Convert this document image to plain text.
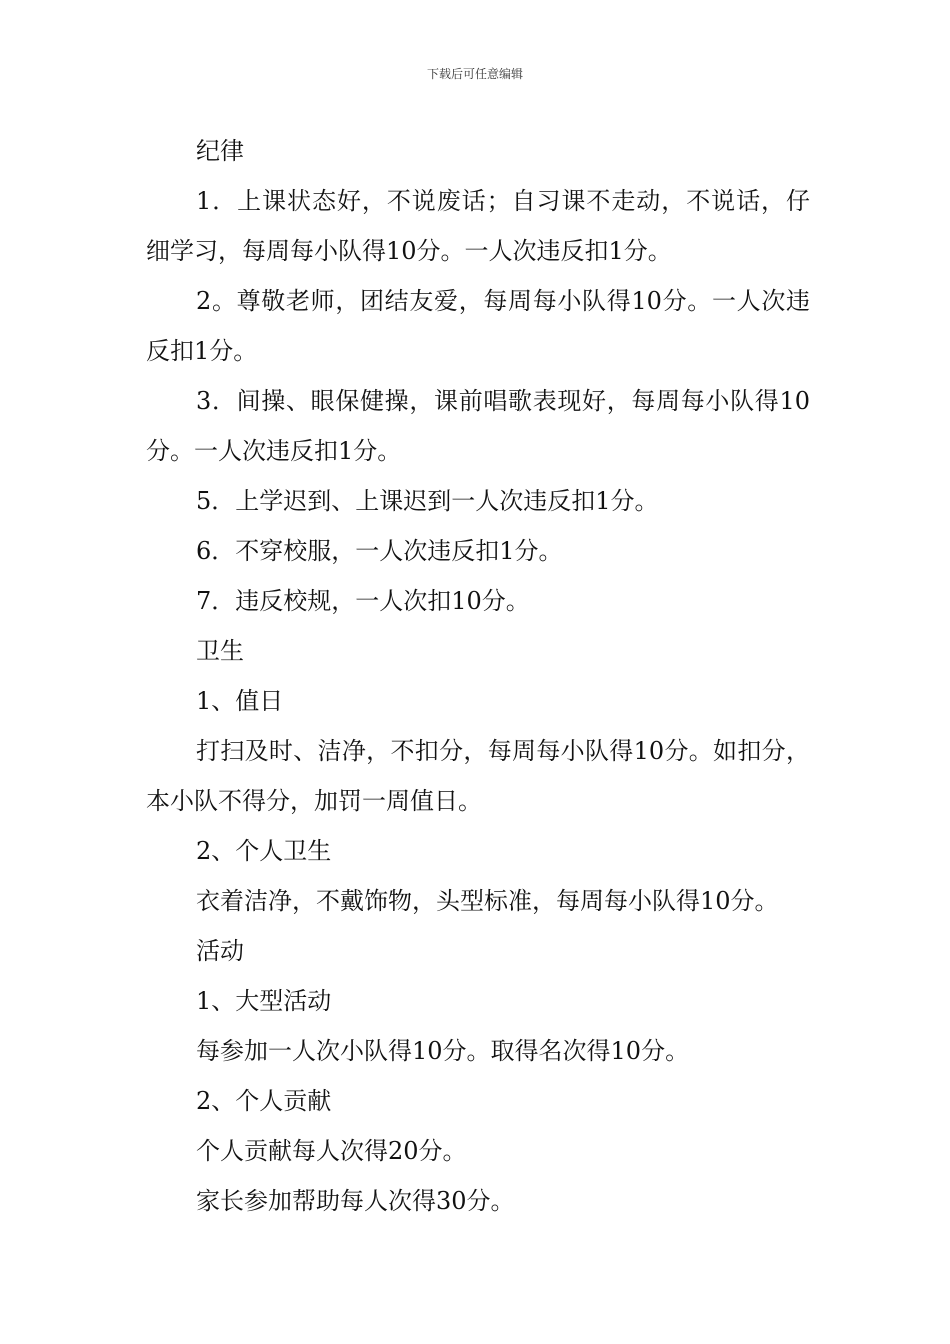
下载后可任意编辑

纪律

1．上课状态好，不说废话；自习课不走动，不说话，仔细学习，每周每小队得10分。一人次违反扣1分。

2。尊敬老师，团结友爱，每周每小队得10分。一人次违反扣1分。

3．间操、眼保健操，课前唱歌表现好，每周每小队得10分。一人次违反扣1分。

5．上学迟到、上课迟到一人次违反扣1分。

6．不穿校服，一人次违反扣1分。

7．违反校规，一人次扣10分。

卫生

1、值日

打扫及时、洁净，不扣分，每周每小队得10分。如扣分，本小队不得分，加罚一周值日。

2、个人卫生

衣着洁净，不戴饰物，头型标准，每周每小队得10分。

活动

1、大型活动

每参加一人次小队得10分。取得名次得10分。

2、个人贡献

个人贡献每人次得20分。

家长参加帮助每人次得30分。
